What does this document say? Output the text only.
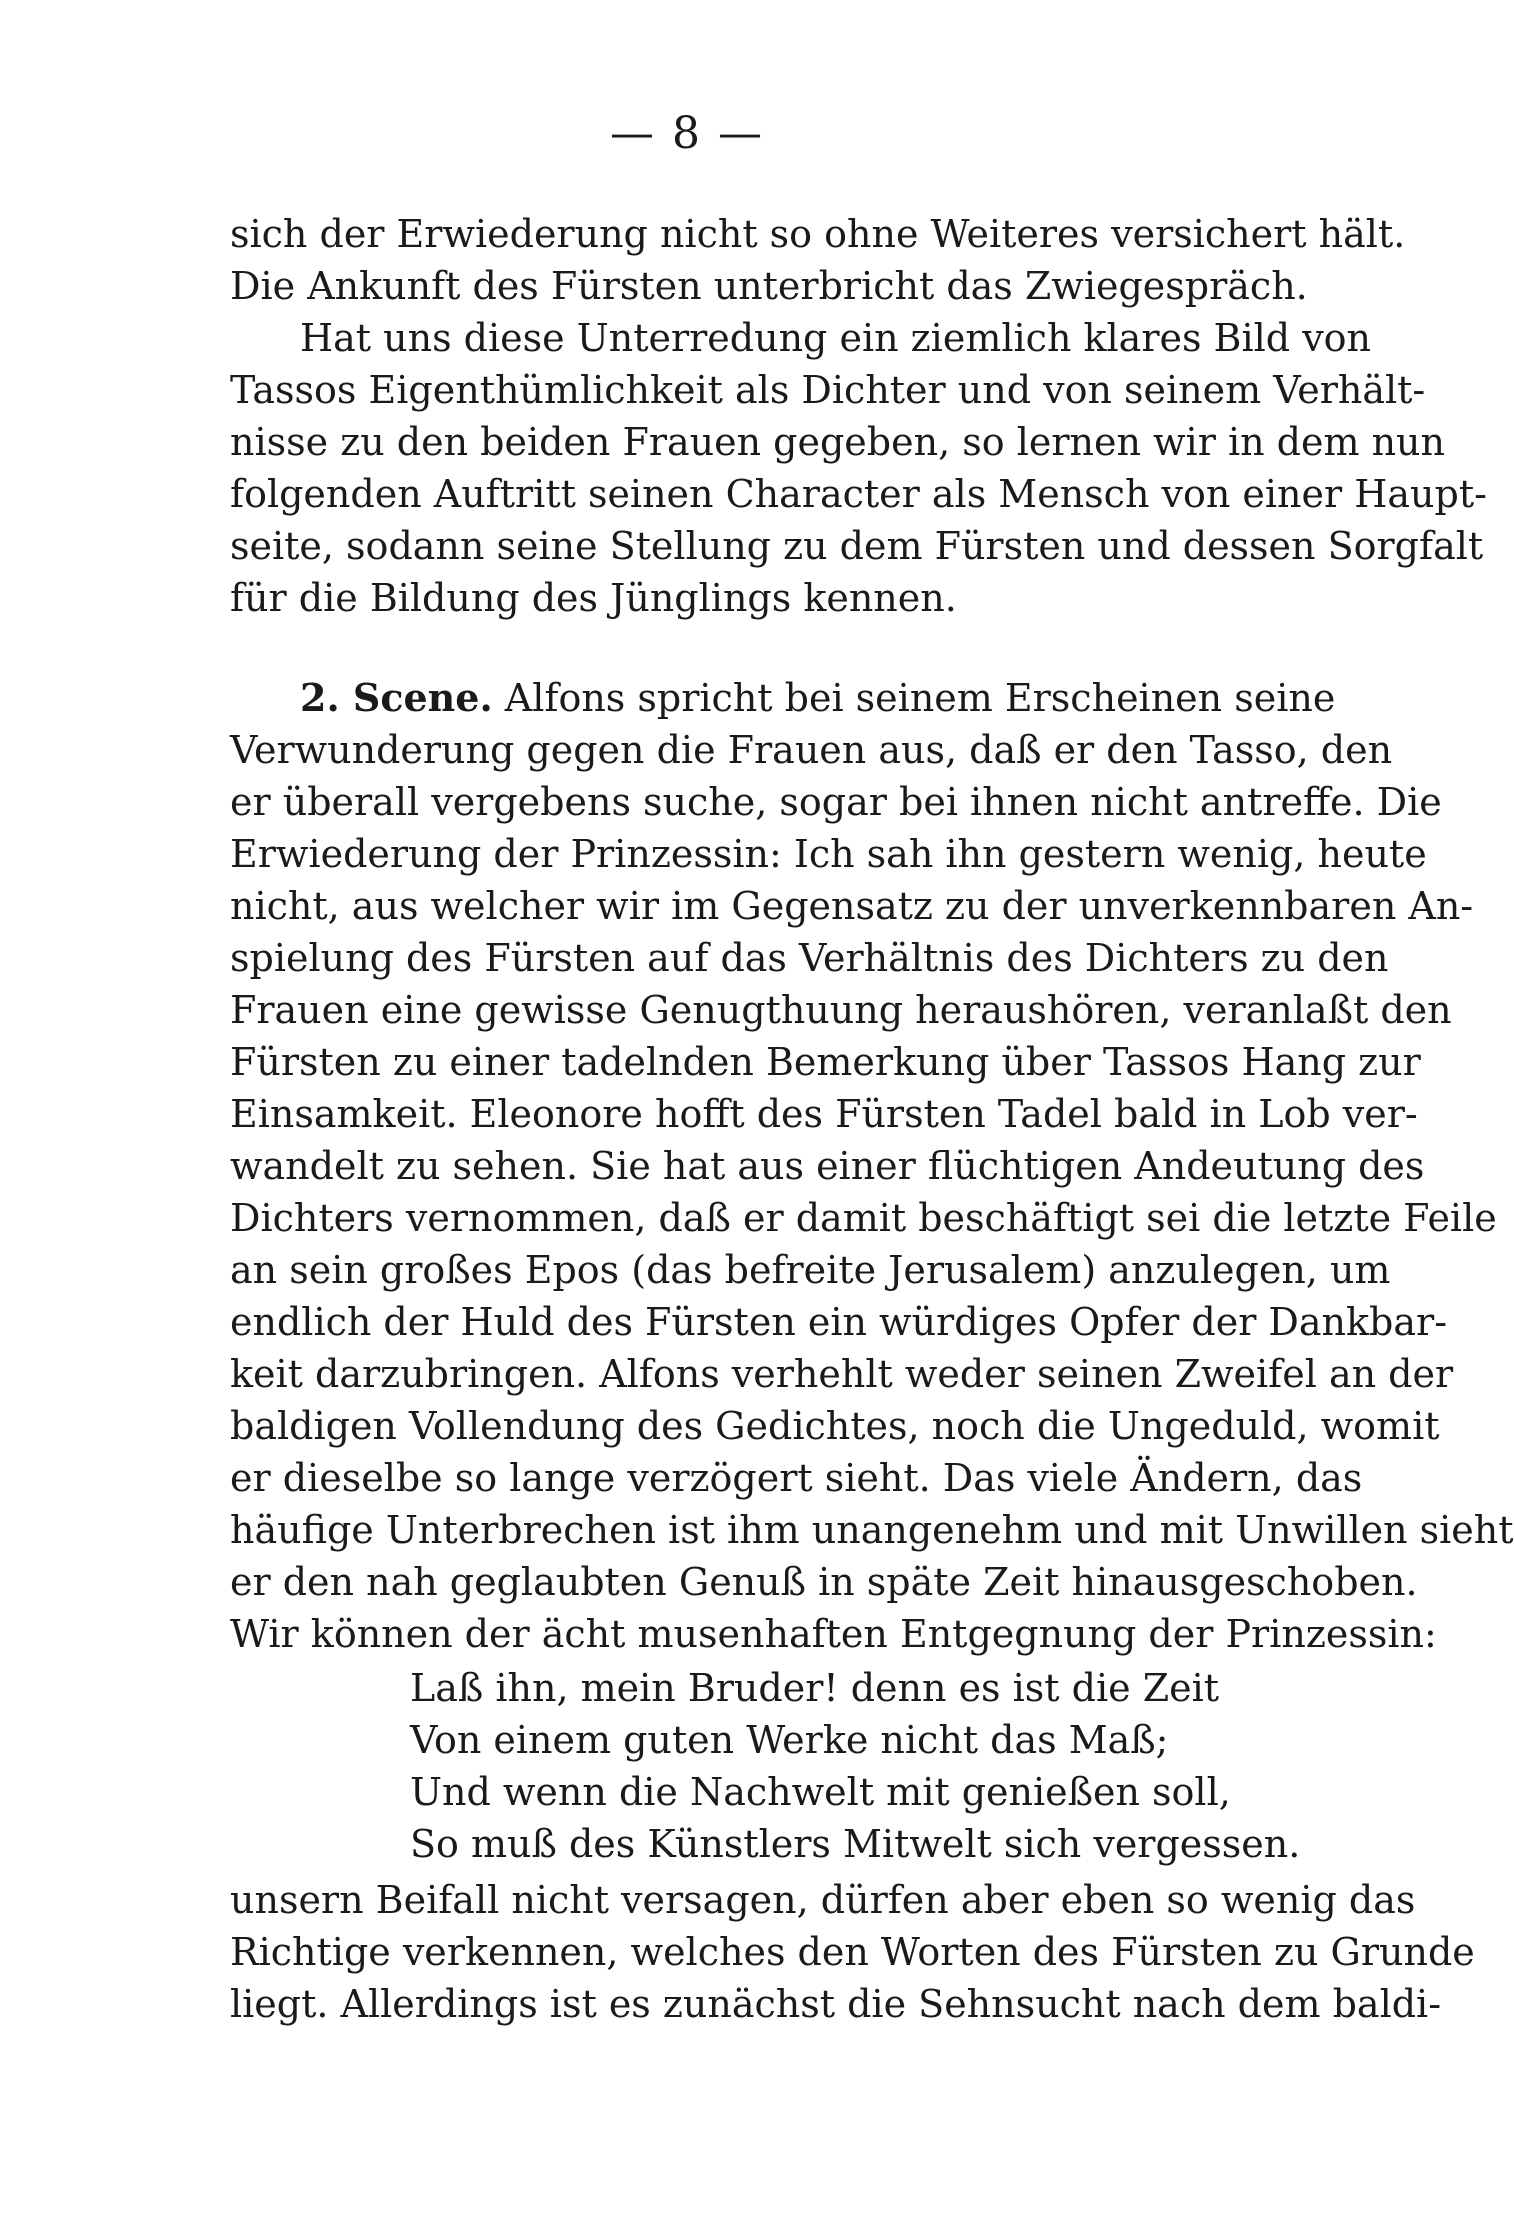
— 8 —
sich der Erwiederung nicht so ohne Weiteres versichert hält.
Die Ankunft des Fürsten unterbricht das Zwiegespräch.
Hat uns diese Unterredung ein ziemlich klares Bild von
Tassos Eigenthümlichkeit als Dichter und von seinem Verhält-
nisse zu den beiden Frauen gegeben, so lernen wir in dem nun
folgenden Auftritt seinen Character als Mensch von einer Haupt-
seite, sodann seine Stellung zu dem Fürsten und dessen Sorgfalt
für die Bildung des Jünglings kennen.
2. Scene. Alfons spricht bei seinem Erscheinen seine
Verwunderung gegen die Frauen aus, daß er den Tasso, den
er überall vergebens suche, sogar bei ihnen nicht antreffe. Die
Erwiederung der Prinzessin: Ich sah ihn gestern wenig, heute
nicht, aus welcher wir im Gegensatz zu der unverkennbaren An-
spielung des Fürsten auf das Verhältnis des Dichters zu den
Frauen eine gewisse Genugthuung heraushören, veranlaßt den
Fürsten zu einer tadelnden Bemerkung über Tassos Hang zur
Einsamkeit. Eleonore hofft des Fürsten Tadel bald in Lob ver-
wandelt zu sehen. Sie hat aus einer flüchtigen Andeutung des
Dichters vernommen, daß er damit beschäftigt sei die letzte Feile
an sein großes Epos (das befreite Jerusalem) anzulegen, um
endlich der Huld des Fürsten ein würdiges Opfer der Dankbar-
keit darzubringen. Alfons verhehlt weder seinen Zweifel an der
baldigen Vollendung des Gedichtes, noch die Ungeduld, womit
er dieselbe so lange verzögert sieht. Das viele Ändern, das
häufige Unterbrechen ist ihm unangenehm und mit Unwillen sieht
er den nah geglaubten Genuß in späte Zeit hinausgeschoben.
Wir können der ächt musenhaften Entgegnung der Prinzessin:
Laß ihn, mein Bruder! denn es ist die Zeit
Von einem guten Werke nicht das Maß;
Und wenn die Nachwelt mit genießen soll,
So muß des Künstlers Mitwelt sich vergessen.
unsern Beifall nicht versagen, dürfen aber eben so wenig das
Richtige verkennen, welches den Worten des Fürsten zu Grunde
liegt. Allerdings ist es zunächst die Sehnsucht nach dem baldi-
